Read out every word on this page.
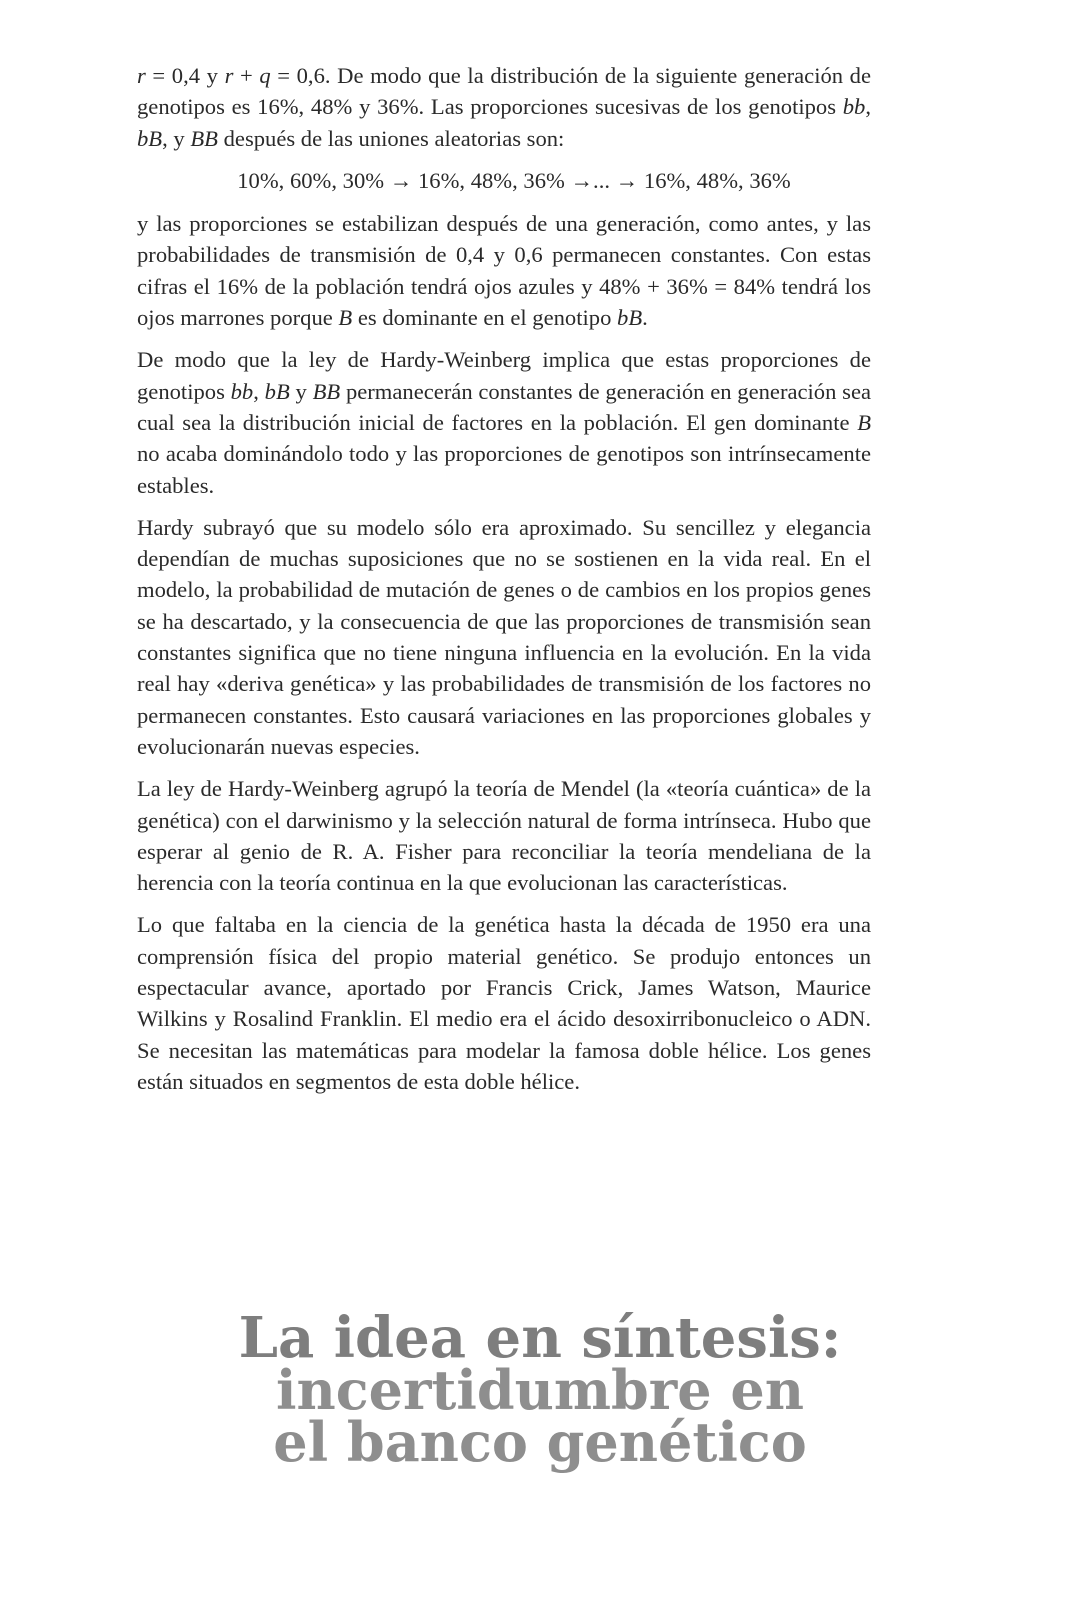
r = 0,4 y r + q = 0,6. De modo que la distribución de la siguiente generación de genotipos es 16%, 48% y 36%. Las proporciones sucesivas de los genotipos bb, bB, y BB después de las uniones aleatorias son:

10%, 60%, 30% → 16%, 48%, 36% →... → 16%, 48%, 36%

y las proporciones se estabilizan después de una generación, como antes, y las probabilidades de transmisión de 0,4 y 0,6 permanecen constantes. Con estas cifras el 16% de la población tendrá ojos azules y 48% + 36% = 84% tendrá los ojos marrones porque B es dominante en el genotipo bB.

De modo que la ley de Hardy-Weinberg implica que estas proporciones de genotipos bb, bB y BB permanecerán constantes de generación en generación sea cual sea la distribución inicial de factores en la población. El gen dominante B no acaba dominándolo todo y las proporciones de genotipos son intrínsecamente estables.

Hardy subrayó que su modelo sólo era aproximado. Su sencillez y elegancia dependían de muchas suposiciones que no se sostienen en la vida real. En el modelo, la probabilidad de mutación de genes o de cambios en los propios genes se ha descartado, y la consecuencia de que las proporciones de transmisión sean constantes significa que no tiene ninguna influencia en la evolución. En la vida real hay «deriva genética» y las probabilidades de transmisión de los factores no permanecen constantes. Esto causará variaciones en las proporciones globales y evolucionarán nuevas especies.

La ley de Hardy-Weinberg agrupó la teoría de Mendel (la «teoría cuántica» de la genética) con el darwinismo y la selección natural de forma intrínseca. Hubo que esperar al genio de R. A. Fisher para reconciliar la teoría mendeliana de la herencia con la teoría continua en la que evolucionan las características.

Lo que faltaba en la ciencia de la genética hasta la década de 1950 era una comprensión física del propio material genético. Se produjo entonces un espectacular avance, aportado por Francis Crick, James Watson, Maurice Wilkins y Rosalind Franklin. El medio era el ácido desoxirribonucleico o ADN. Se necesitan las matemáticas para modelar la famosa doble hélice. Los genes están situados en segmentos de esta doble hélice.

La idea en síntesis:
incertidumbre en
el banco genético
